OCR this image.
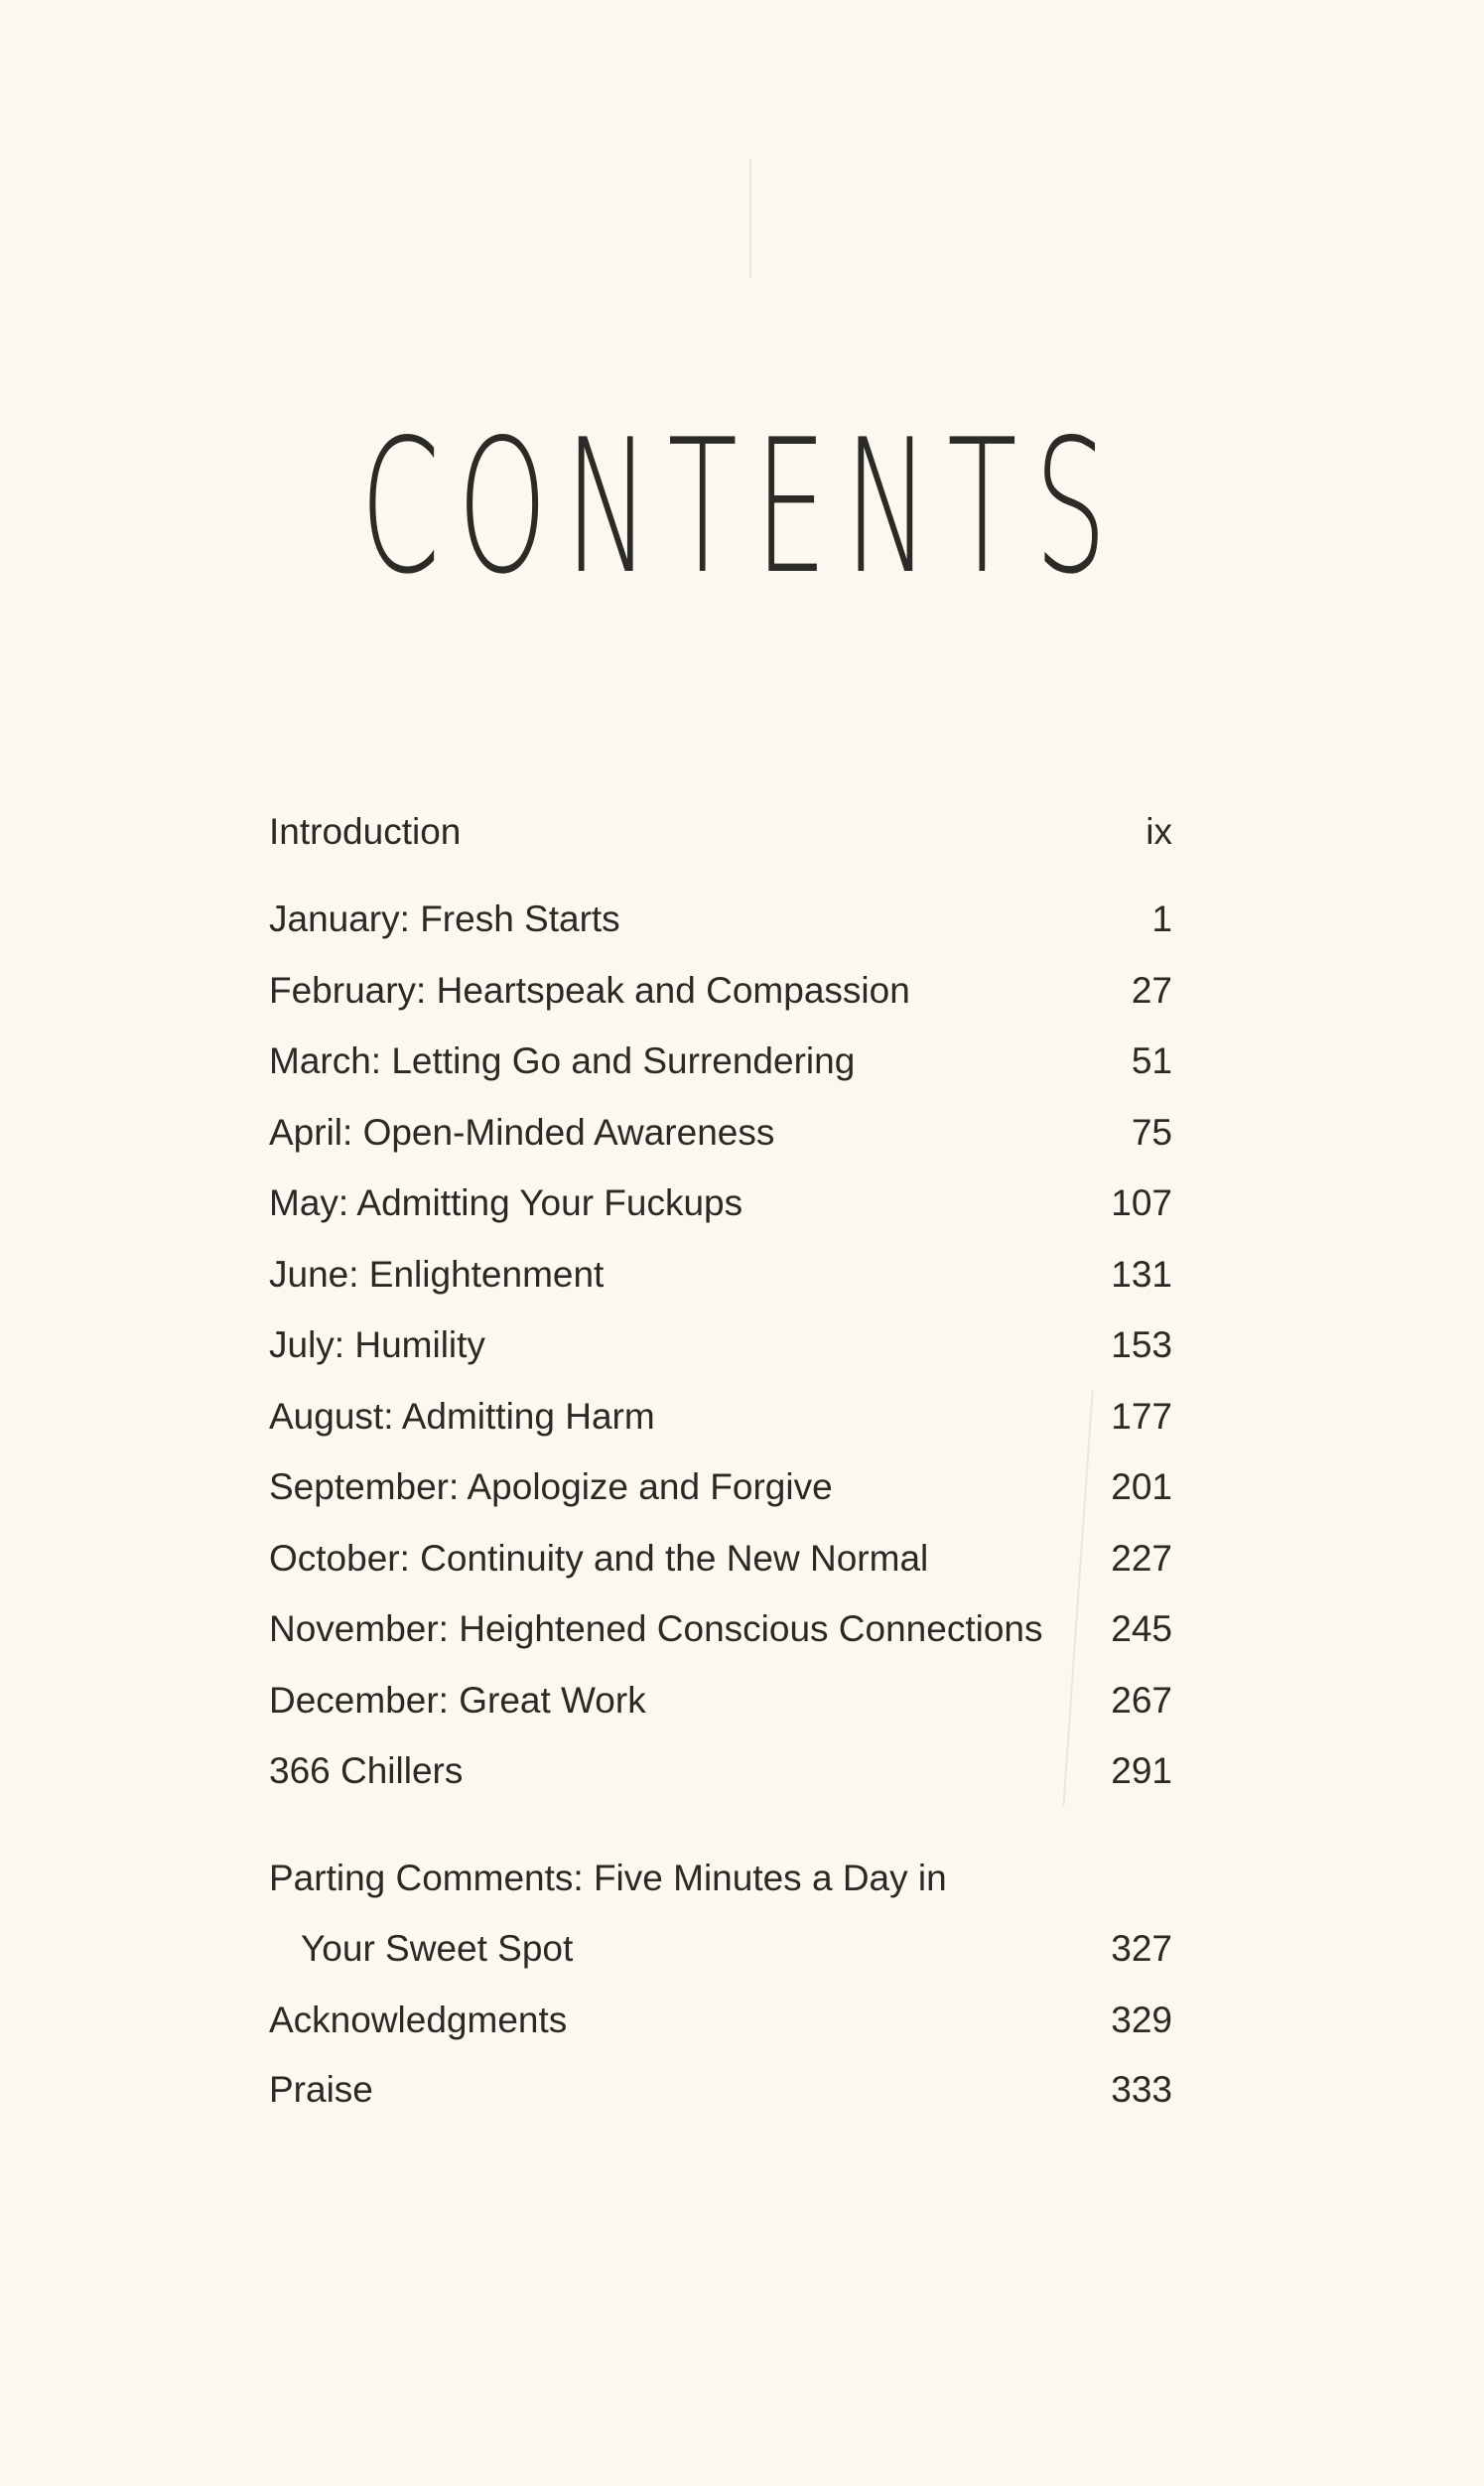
CONTENTS
Introduction	ix
January: Fresh Starts	1
February: Heartspeak and Compassion	27
March: Letting Go and Surrendering	51
April: Open-Minded Awareness	75
May: Admitting Your Fuckups	107
June: Enlightenment	131
July: Humility	153
August: Admitting Harm	177
September: Apologize and Forgive	201
October: Continuity and the New Normal	227
November: Heightened Conscious Connections 245
December: Great Work	267
366 Chillers	291
Parting Comments: Five Minutes a Day in
Your Sweet Spot	327
Acknowledgments	329
Praise	333
